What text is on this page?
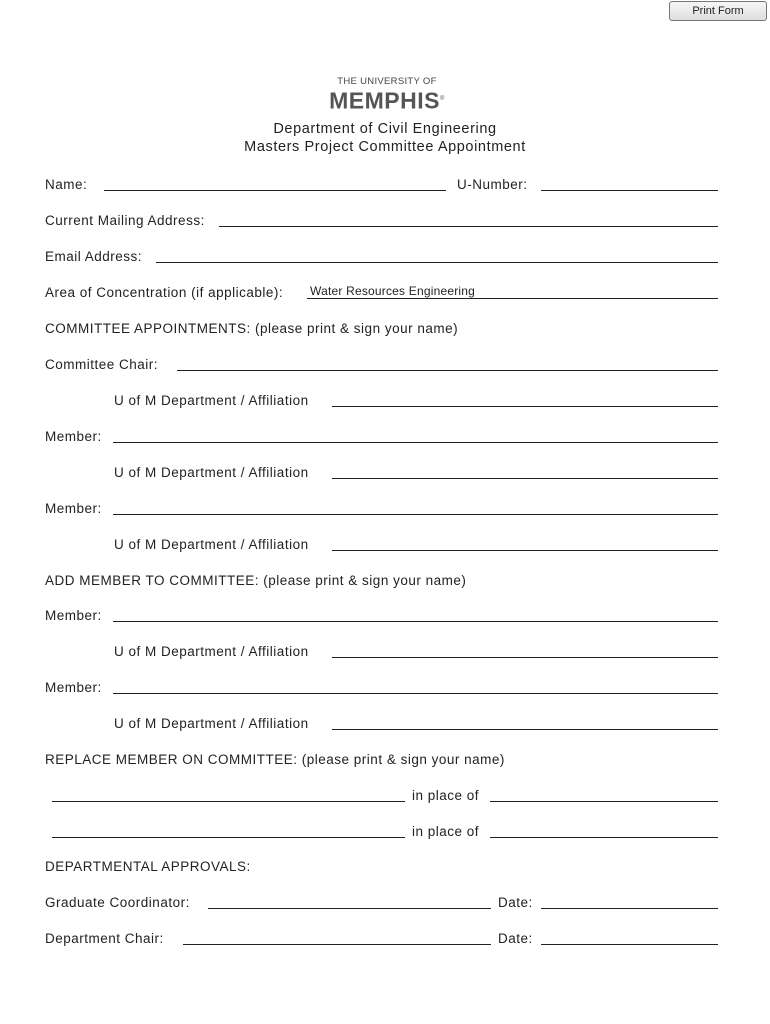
Print Form
THE UNIVERSITY OF
MEMPHIS®
Department of Civil Engineering
Masters Project Committee Appointment
Name:	U-Number:
Current Mailing Address:
Email Address:
Area of Concentration (if applicable): Water Resources Engineering
COMMITTEE APPOINTMENTS: (please print & sign your name)
Committee Chair:
U of M Department / Affiliation
Member:
U of M Department / Affiliation
Member:
U of M Department / Affiliation
ADD MEMBER TO COMMITTEE: (please print & sign your name)
Member:
U of M Department / Affiliation
Member:
U of M Department / Affiliation
REPLACE MEMBER ON COMMITTEE: (please print & sign your name)
in place of
in place of
DEPARTMENTAL APPROVALS:
Graduate Coordinator:	Date:
Department Chair:	Date:
